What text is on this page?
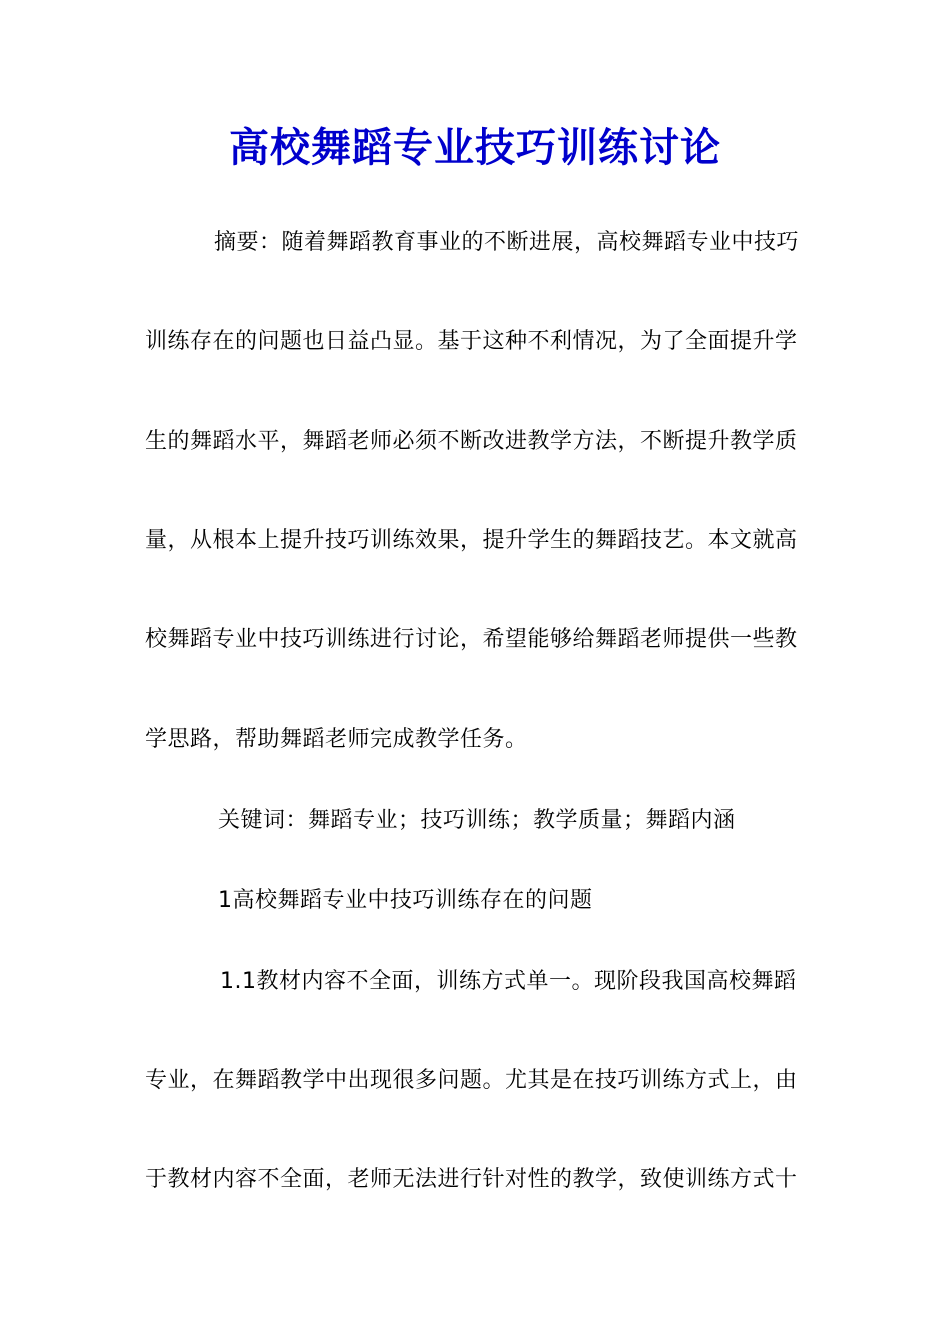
高校舞蹈专业技巧训练讨论
摘要：随着舞蹈教育事业的不断进展，高校舞蹈专业中技巧
训练存在的问题也日益凸显。基于这种不利情况，为了全面提升学
生的舞蹈水平，舞蹈老师必须不断改进教学方法，不断提升教学质
量，从根本上提升技巧训练效果，提升学生的舞蹈技艺。本文就高
校舞蹈专业中技巧训练进行讨论，希望能够给舞蹈老师提供一些教
学思路，帮助舞蹈老师完成教学任务。
关键词：舞蹈专业；技巧训练；教学质量；舞蹈内涵
1高校舞蹈专业中技巧训练存在的问题
1.1教材内容不全面，训练方式单一。现阶段我国高校舞蹈
专业，在舞蹈教学中出现很多问题。尤其是在技巧训练方式上，由
于教材内容不全面，老师无法进行针对性的教学，致使训练方式十
